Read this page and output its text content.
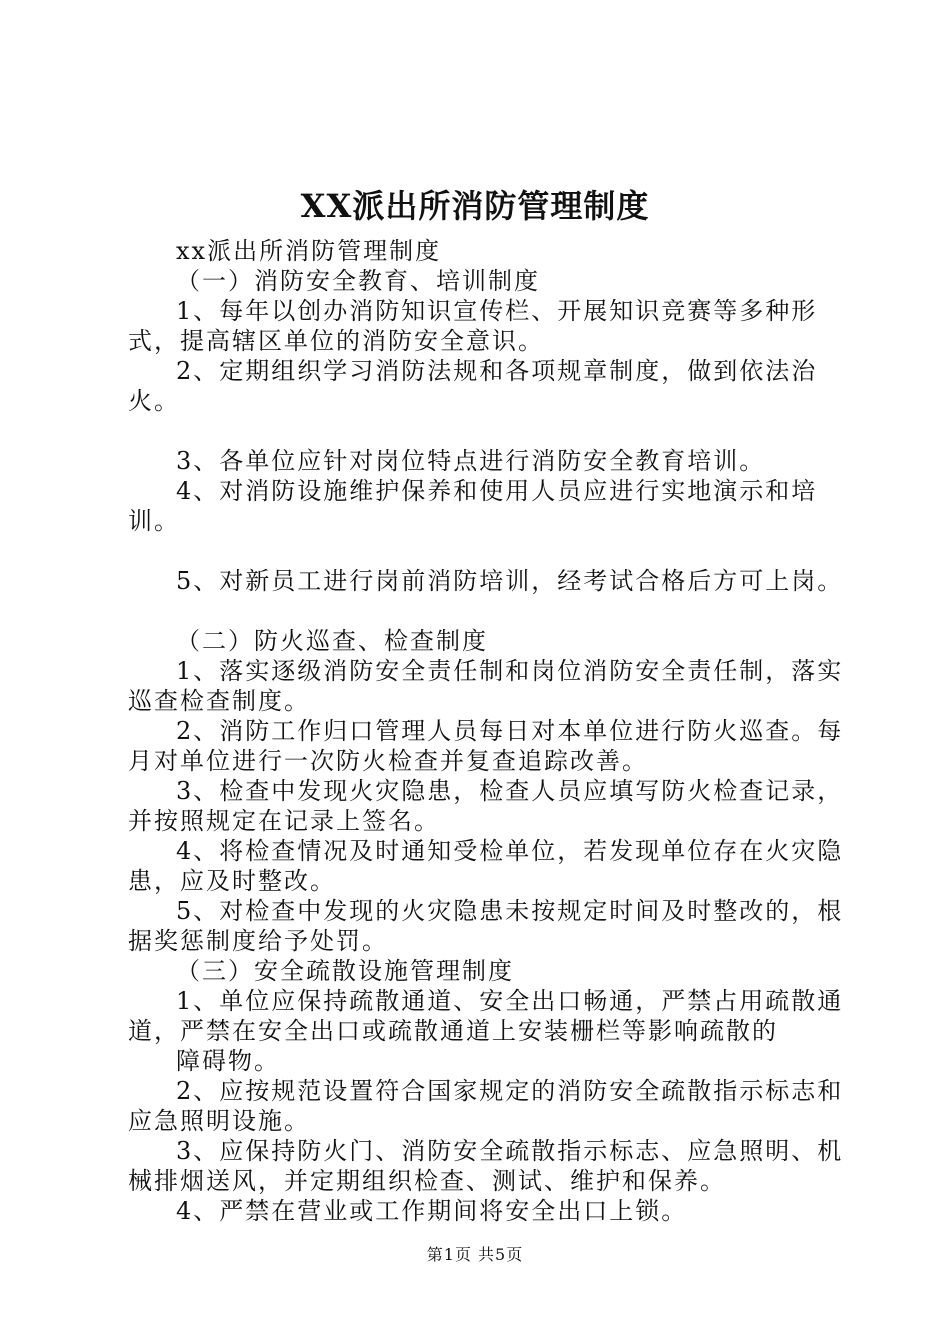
XX派出所消防管理制度

xx派出所消防管理制度

（一）消防安全教育、培训制度

1、每年以创办消防知识宣传栏、开展知识竞赛等多种形式，提高辖区单位的消防安全意识。

2、定期组织学习消防法规和各项规章制度，做到依法治火。

3、各单位应针对岗位特点进行消防安全教育培训。

4、对消防设施维护保养和使用人员应进行实地演示和培训。

5、对新员工进行岗前消防培训，经考试合格后方可上岗。

（二）防火巡查、检查制度

1、落实逐级消防安全责任制和岗位消防安全责任制，落实巡查检查制度。

2、消防工作归口管理人员每日对本单位进行防火巡查。每月对单位进行一次防火检查并复查追踪改善。

3、检查中发现火灾隐患，检查人员应填写防火检查记录，并按照规定在记录上签名。

4、将检查情况及时通知受检单位，若发现单位存在火灾隐患，应及时整改。

5、对检查中发现的火灾隐患未按规定时间及时整改的，根据奖惩制度给予处罚。

（三）安全疏散设施管理制度

1、单位应保持疏散通道、安全出口畅通，严禁占用疏散通道，严禁在安全出口或疏散通道上安装栅栏等影响疏散的

障碍物。

2、应按规范设置符合国家规定的消防安全疏散指示标志和应急照明设施。

3、应保持防火门、消防安全疏散指示标志、应急照明、机械排烟送风，并定期组织检查、测试、维护和保养。

4、严禁在营业或工作期间将安全出口上锁。

第1页 共5页
